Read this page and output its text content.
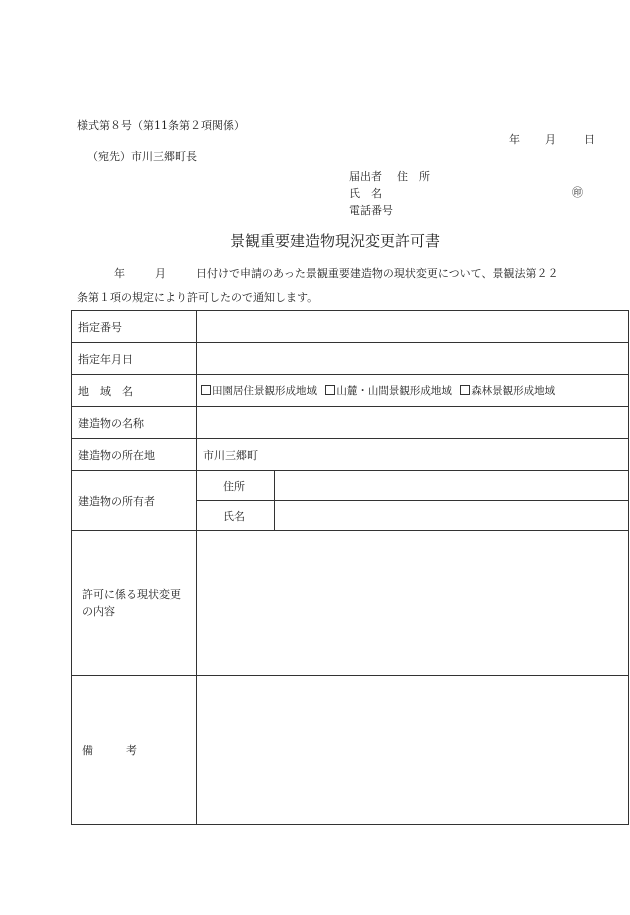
様式第８号（第11条第２項関係）
年 月	日
（宛先）市川三郷町長
届出者 住　所
氏　名	㊞
電話番号
景観重要建造物現況変更許可書
年	月	日付けで申請のあった景観重要建造物の現状変更について、景観法第２２
条第１項の規定により許可したので通知します。
指定番号		
指定年月日		
地　域　名	田園居住景観形成地域 山麓・山間景観形成地域 森林景観形成地域	
建造物の名称		
建造物の所在地	市川三郷町	
建造物の所有者	住所	
	氏名	
許可に係る現状変更の内容		
備　　　考		
